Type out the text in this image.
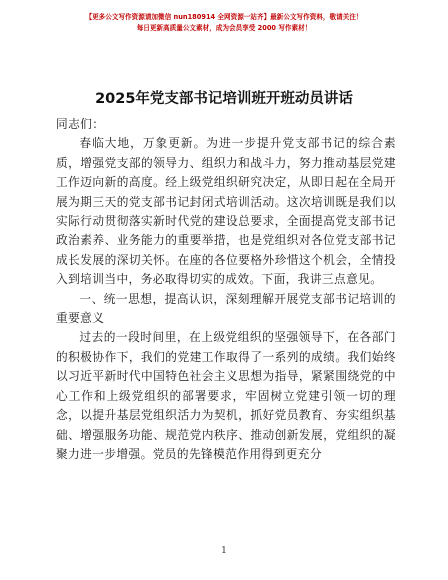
【更多公文写作资源请加微信 nun180914 全网资源一站齐】最新公文写作资料，敬请关注！
每日更新高质量公文素材，成为会员享受 2000 写作素材！
2025年党支部书记培训班开班动员讲话

同志们：

春临大地，万象更新。为进一步提升党支部书记的综合素质，增强党支部的领导力、组织力和战斗力，努力推动基层党建工作迈向新的高度。经上级党组织研究决定，从即日起在全局开展为期三天的党支部书记封闭式培训活动。这次培训既是我们以实际行动贯彻落实新时代党的建设总要求，全面提高党支部书记政治素养、业务能力的重要举措，也是党组织对各位党支部书记成长发展的深切关怀。在座的各位要格外珍惜这个机会，全情投入到培训当中，务必取得切实的成效。下面，我讲三点意见。

一、统一思想，提高认识，深刻理解开展党支部书记培训的重要意义

过去的一段时间里，在上级党组织的坚强领导下，在各部门的积极协作下，我们的党建工作取得了一系列的成绩。我们始终以习近平新时代中国特色社会主义思想为指导，紧紧围绕党的中心工作和上级党组织的部署要求，牢固树立党建引领一切的理念，以提升基层党组织活力为契机，抓好党员教育、夯实组织基础、增强服务功能、规范党内秩序、推动创新发展，党组织的凝聚力进一步增强。党员的先锋模范作用得到更充分

1
